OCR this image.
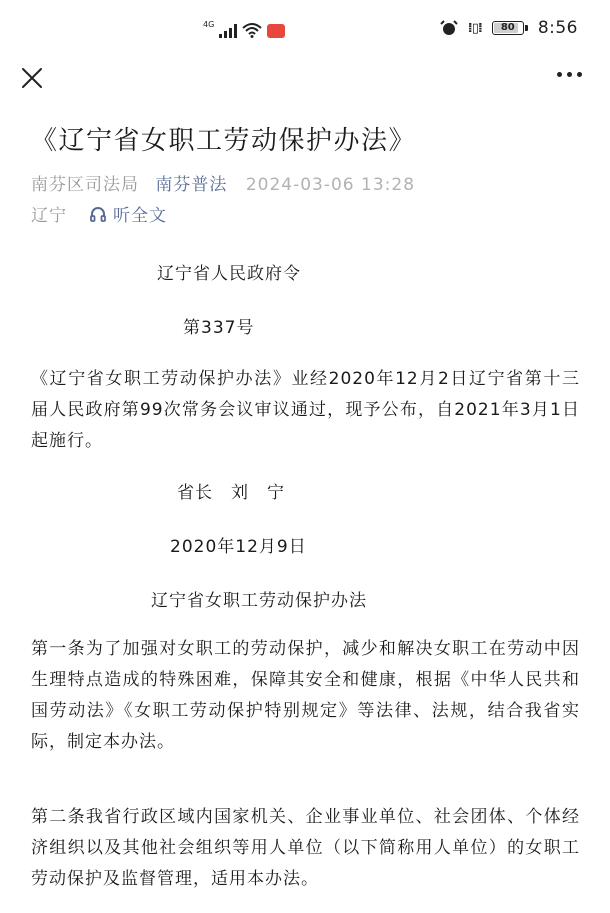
4G	⁞▯⁞	80	8:56
《辽宁省女职工劳动保护办法》
南芬区司法局 南芬普法 2024-03-06 13:28
辽宁	听全文

辽宁省人民政府令

第337号

《辽宁省女职工劳动保护办法》业经2020年12月2日辽宁省第十三届人民政府第99次常务会议审议通过，现予公布，自2021年3月1日起施行。

省长　刘　宁

2020年12月9日

辽宁省女职工劳动保护办法

第一条为了加强对女职工的劳动保护，减少和解决女职工在劳动中因生理特点造成的特殊困难，保障其安全和健康，根据《中华人民共和国劳动法》《女职工劳动保护特别规定》等法律、法规，结合我省实际，制定本办法。

第二条我省行政区域内国家机关、企业事业单位、社会团体、个体经济组织以及其他社会组织等用人单位（以下简称用人单位）的女职工劳动保护及监督管理，适用本办法。
